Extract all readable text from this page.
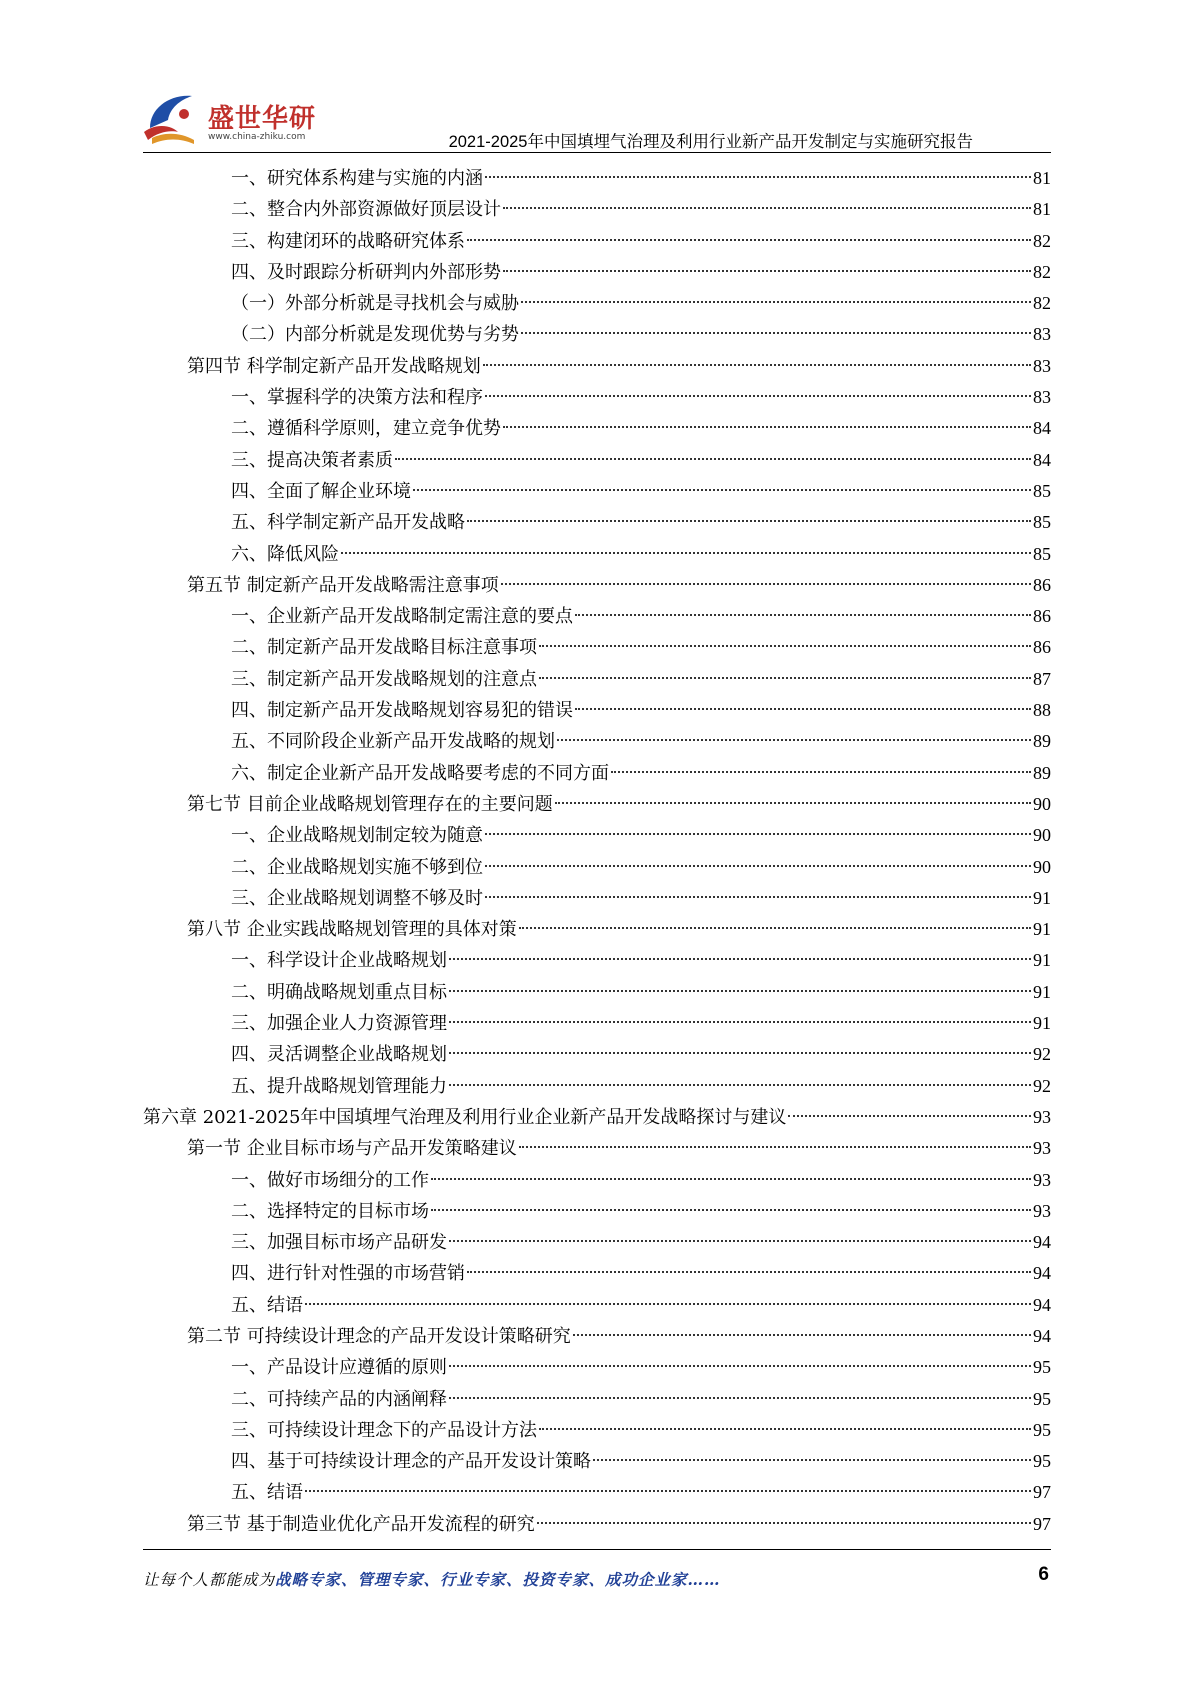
盛世华研
www.china-zhiku.com	2021-2025年中国填埋气治理及利用行业新产品开发制定与实施研究报告
一、研究体系构建与实施的内涵	81
二、整合内外部资源做好顶层设计	81
三、构建闭环的战略研究体系	82
四、及时跟踪分析研判内外部形势	82
（一）外部分析就是寻找机会与威胁	82
（二）内部分析就是发现优势与劣势	83
第四节 科学制定新产品开发战略规划	83
一、掌握科学的决策方法和程序	83
二、遵循科学原则，建立竞争优势	84
三、提高决策者素质	84
四、全面了解企业环境	85
五、科学制定新产品开发战略	85
六、降低风险	85
第五节 制定新产品开发战略需注意事项	86
一、企业新产品开发战略制定需注意的要点	86
二、制定新产品开发战略目标注意事项	86
三、制定新产品开发战略规划的注意点	87
四、制定新产品开发战略规划容易犯的错误	88
五、不同阶段企业新产品开发战略的规划	89
六、制定企业新产品开发战略要考虑的不同方面	89
第七节 目前企业战略规划管理存在的主要问题	90
一、企业战略规划制定较为随意	90
二、企业战略规划实施不够到位	90
三、企业战略规划调整不够及时	91
第八节 企业实践战略规划管理的具体对策	91
一、科学设计企业战略规划	91
二、明确战略规划重点目标	91
三、加强企业人力资源管理	91
四、灵活调整企业战略规划	92
五、提升战略规划管理能力	92
第六章 2021-2025年中国填埋气治理及利用行业企业新产品开发战略探讨与建议	93
第一节 企业目标市场与产品开发策略建议	93
一、做好市场细分的工作	93
二、选择特定的目标市场	93
三、加强目标市场产品研发	94
四、进行针对性强的市场营销	94
五、结语	94
第二节 可持续设计理念的产品开发设计策略研究	94
一、产品设计应遵循的原则	95
二、可持续产品的内涵阐释	95
三、可持续设计理念下的产品设计方法	95
四、基于可持续设计理念的产品开发设计策略	95
五、结语	97
第三节 基于制造业优化产品开发流程的研究	97
让每个人都能成为战略专家、管理专家、行业专家、投资专家、成功企业家……	6
